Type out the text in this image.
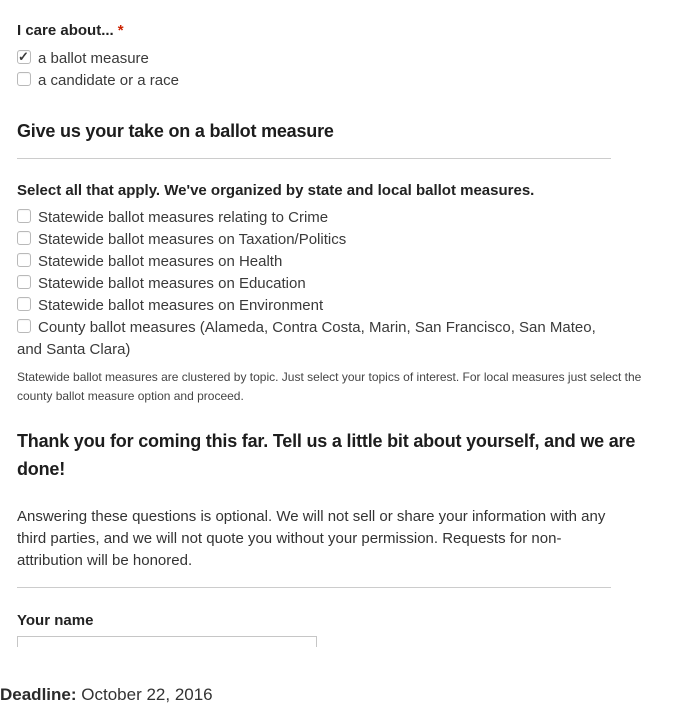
I care about... *
✓ a ballot measure
a candidate or a race
Give us your take on a ballot measure
Select all that apply. We've organized by state and local ballot measures.
Statewide ballot measures relating to Crime
Statewide ballot measures on Taxation/Politics
Statewide ballot measures on Health
Statewide ballot measures on Education
Statewide ballot measures on Environment
County ballot measures (Alameda, Contra Costa, Marin, San Francisco, San Mateo, and Santa Clara)

Statewide ballot measures are clustered by topic. Just select your topics of interest. For local measures just select the county ballot measure option and proceed.

Thank you for coming this far. Tell us a little bit about yourself, and we are done!

Answering these questions is optional. We will not sell or share your information with any third parties, and we will not quote you without your permission. Requests for non-attribution will be honored.

Your name

Deadline: October 22, 2016
